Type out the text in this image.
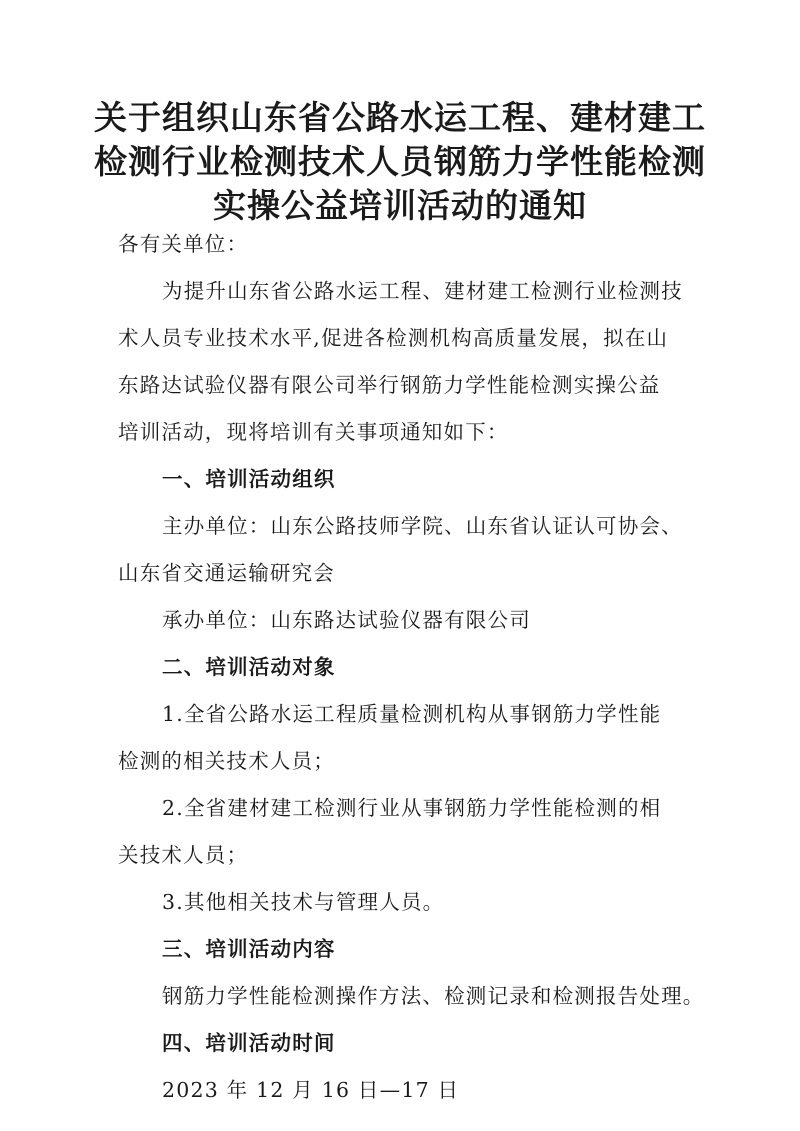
关于组织山东省公路水运工程、建材建工
检测行业检测技术人员钢筋力学性能检测
实操公益培训活动的通知
各有关单位：
为提升山东省公路水运工程、建材建工检测行业检测技
术人员专业技术水平,促进各检测机构高质量发展，拟在山
东路达试验仪器有限公司举行钢筋力学性能检测实操公益
培训活动，现将培训有关事项通知如下：
一、培训活动组织
主办单位：山东公路技师学院、山东省认证认可协会、
山东省交通运输研究会
承办单位：山东路达试验仪器有限公司
二、培训活动对象
1.全省公路水运工程质量检测机构从事钢筋力学性能
检测的相关技术人员；
2.全省建材建工检测行业从事钢筋力学性能检测的相
关技术人员；
3.其他相关技术与管理人员。
三、培训活动内容
钢筋力学性能检测操作方法、检测记录和检测报告处理。
四、培训活动时间
2023 年 12 月 16 日—17 日
